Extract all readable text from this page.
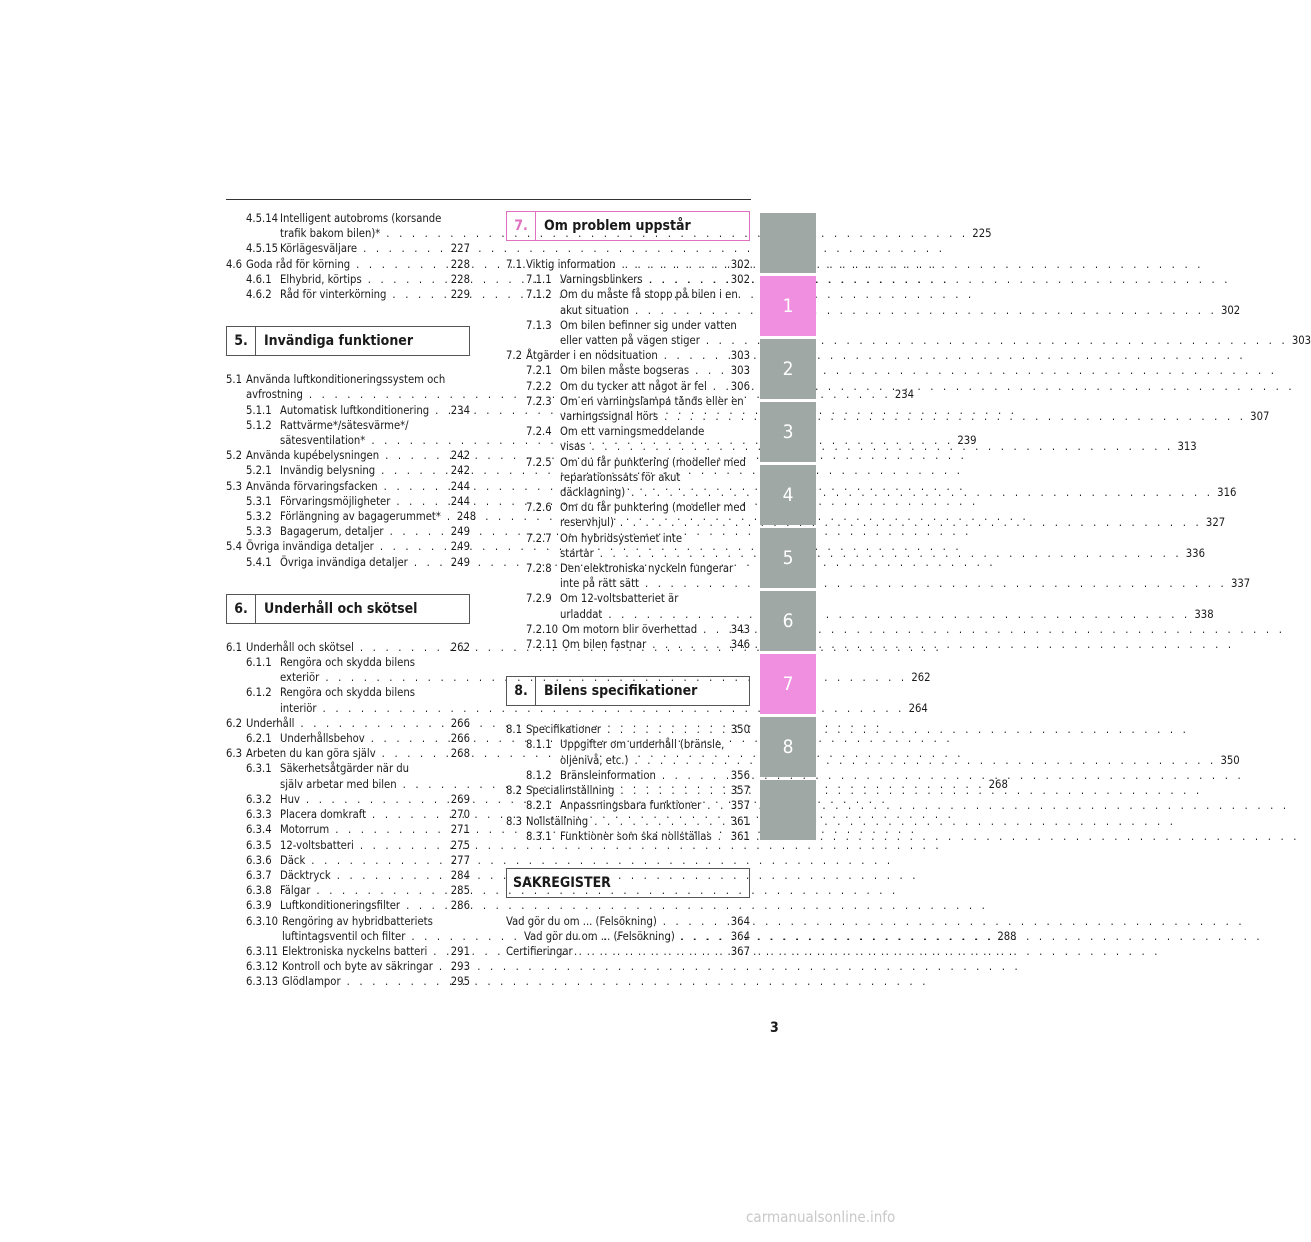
4.5.14 Intelligent autobroms (korsande
trafik bakom bilen)* . . .	225
4.5.15 Körlägesväljare . . .	227
4.6 Goda råd för körning . . .	228
4.6.1 Elhybrid, körtips . . .	228
4.6.2 Råd för vinterkörning . . .	229
5.	Invändiga funktioner
5.1 Använda luftkonditioneringssystem och
avfrostning . . .	234
5.1.1 Automatisk luftkonditionering . . . 234
5.1.2 Rattvärme*/sätesvärme*/
sätesventilation* . . .	239
5.2 Använda kupébelysningen . . .	242
5.2.1 Invändig belysning . . .	242
5.3 Använda förvaringsfacken . . .	244
5.3.1 Förvaringsmöjligheter . . .	244
5.3.2 Förlängning av bagagerummet* . . . 248
5.3.3 Bagagerum, detaljer . . .	249
5.4 Övriga invändiga detaljer . . .	249
5.4.1 Övriga invändiga detaljer . . .	249
6.	Underhåll och skötsel
6.1 Underhåll och skötsel . . .	262
6.1.1 Rengöra och skydda bilens
exteriör . . .	262
6.1.2 Rengöra och skydda bilens
interiör . . .	264
6.2 Underhåll . . .	266
6.2.1 Underhållsbehov . . .	266
6.3 Arbeten du kan göra själv . . .	268
6.3.1 Säkerhetsåtgärder när du
själv arbetar med bilen . . .	268
6.3.2 Huv . . .	269
6.3.3 Placera domkraft . . .	270
6.3.4 Motorrum . . .	271
6.3.5 12-voltsbatteri . . .	275
6.3.6 Däck . . .	277
6.3.7 Däcktryck . . .	284
6.3.8 Fälgar . . .	285
6.3.9 Luftkonditioneringsfilter . . .	286
6.3.10 Rengöring av hybridbatteriets
luftintagsventil och filter . . .	288
6.3.11 Elektroniska nyckelns batteri . . . 291
6.3.12 Kontroll och byte av säkringar . . . 293
6.3.13 Glödlampor . . .	295
7.	Om problem uppstår
7.1 Viktig information . . .	302
7.1.1 Varningsblinkers . . .	302
7.1.2 Om du måste få stopp på bilen i en
akut situation . . .	302
7.1.3 Om bilen befinner sig under vatten
eller vatten på vägen stiger . . .	303
7.2 Åtgärder i en nödsituation . . .	303
7.2.1 Om bilen måste bogseras . . .	303
7.2.2 Om du tycker att något är fel . . . 306
7.2.3 Om en varningslampa tänds eller en
varningssignal hörs . . .	307
7.2.4 Om ett varningsmeddelande
visas . . .	313
7.2.5 Om du får punktering (modeller med
reparationssats för akut
däcklagning) . . .	316
7.2.6 Om du får punktering (modeller med
reservhjul) . . .	327
7.2.7 Om hybridsystemet inte
startar . . .	336
7.2.8 Den elektroniska nyckeln fungerar
inte på rätt sätt . . .	337
7.2.9 Om 12-voltsbatteriet är
urladdat . . .	338
7.2.10 Om motorn blir överhettad . . .	343
7.2.11 Om bilen fastnar . . .	346
8.	Bilens specifikationer
8.1 Specifikationer . . .	350
8.1.1 Uppgifter om underhåll (bränsle,
oljenivå, etc.) . . .	350
8.1.2 Bränsleinformation . . .	356
8.2 Specialinställning . . .	357
8.2.1 Anpassningsbara funktioner . . .	357
8.3 Nollställning . . .	361
8.3.1 Funktioner som ska nollställas . . . 361
SAKREGISTER
Vad gör du om ... (Felsökning) . . .	364
Vad gör du om ... (Felsökning) . . .	364
Certifieringar . . .	367
1
2
3
4
5
6
7
8
3
carmanualsonline.info
